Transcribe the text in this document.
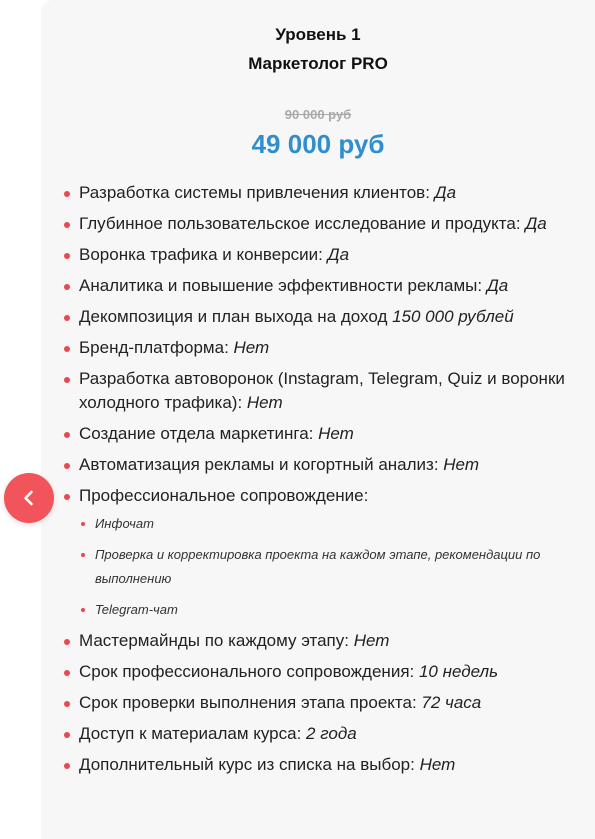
Уровень 1
Маркетолог PRO
90 000 руб
49 000 руб
Разработка системы привлечения клиентов: Да
Глубинное пользовательское исследование и продукта: Да
Воронка трафика и конверсии: Да
Аналитика и повышение эффективности рекламы: Да
Декомпозиция и план выхода на доход 150 000 рублей
Бренд-платформа: Нет
Разработка автоворонок (Instagram, Telegram, Quiz и воронки холодного трафика): Нет
Создание отдела маркетинга: Нет
Автоматизация рекламы и когортный анализ: Нет
Профессиональное сопровождение:
Инфочат
Проверка и корректировка проекта на каждом этапе, рекомендации по выполнению
Telegram-чат
Мастермайнды по каждому этапу: Нет
Срок профессионального сопровождения: 10 недель
Срок проверки выполнения этапа проекта: 72 часа
Доступ к материалам курса: 2 года
Дополнительный курс из списка на выбор: Нет
